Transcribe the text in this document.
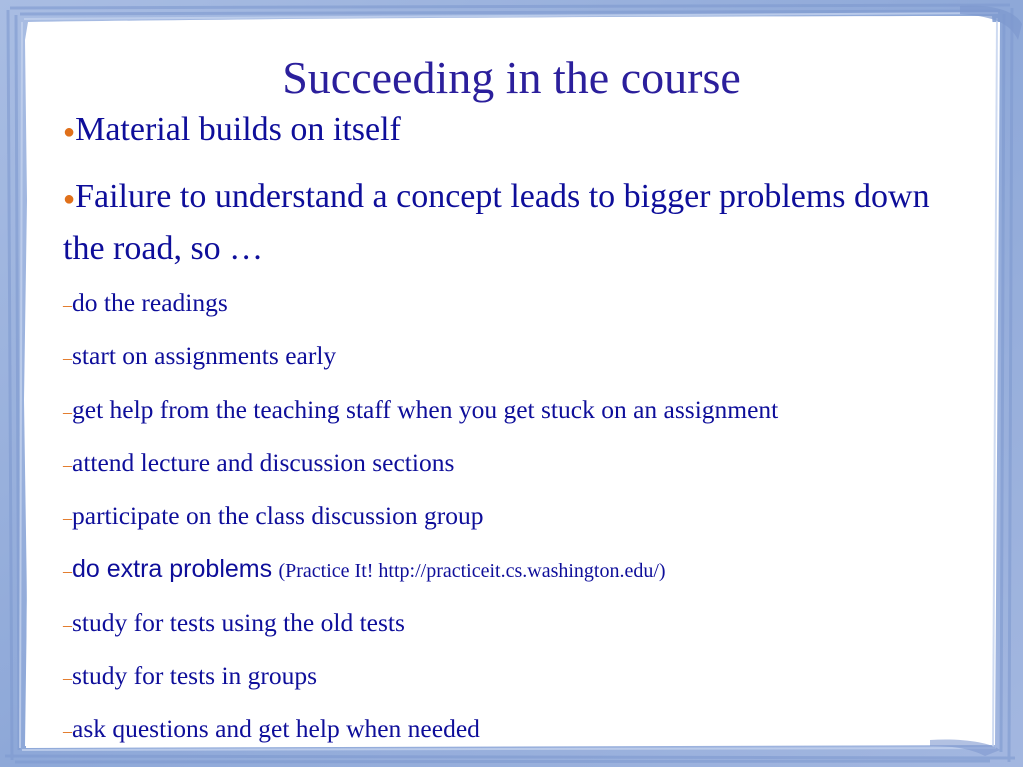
Succeeding in the course
●Material builds on itself
●Failure to understand a concept leads to bigger problems down the road, so …
–do the readings
–start on assignments early
–get help from the teaching staff when you get stuck on an assignment
–attend lecture and discussion sections
–participate on the class discussion group
–do extra problems (Practice It! http://practiceit.cs.washington.edu/)
–study for tests using the old tests
–study for tests in groups
–ask questions and get help when needed
